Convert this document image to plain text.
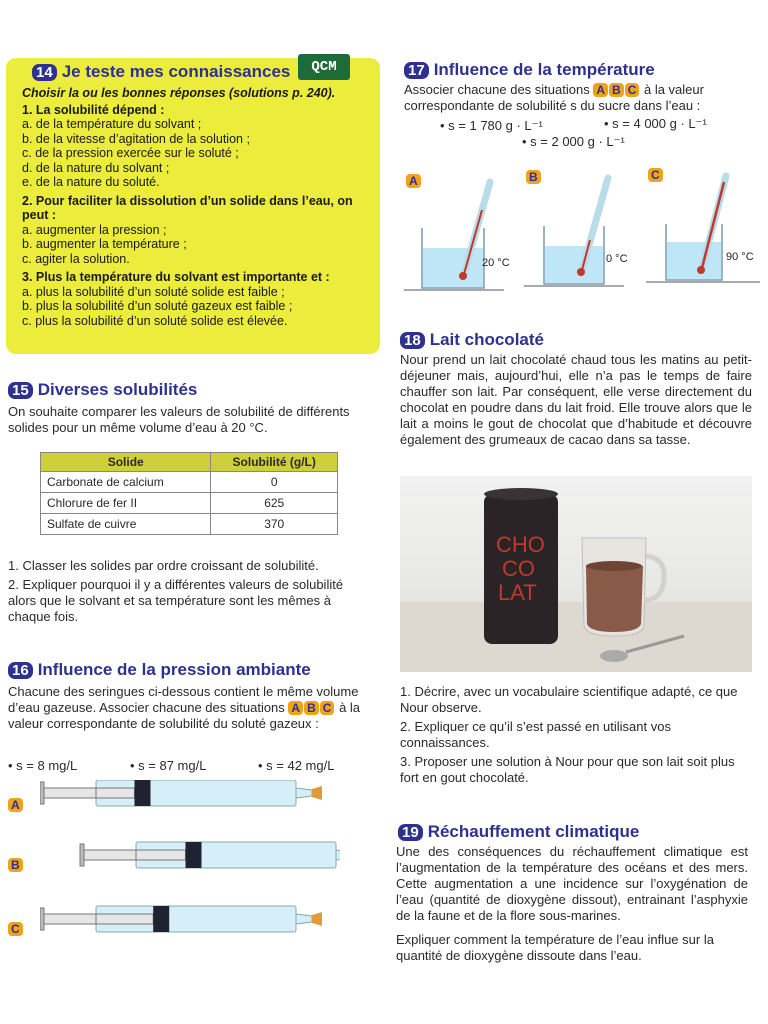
14 Je teste mes connaissances	QCM

Choisir la ou les bonnes réponses (solutions p. 240).

1. La solubilité dépend :

a. de la température du solvant ;

b. de la vitesse d’agitation de la solution ;

c. de la pression exercée sur le soluté ;

d. de la nature du solvant ;

e. de la nature du soluté.

2. Pour faciliter la dissolution d’un solide dans l’eau, on peut :

a. augmenter la pression ;

b. augmenter la température ;

c. agiter la solution.

3. Plus la température du solvant est importante et :

a. plus la solubilité d’un soluté solide est faible ;

b. plus la solubilité d’un soluté gazeux est faible ;

c. plus la solubilité d’un soluté solide est élevée.

15 Diverses solubilités

On souhaite comparer les valeurs de solubilité de différents solides pour un même volume d’eau à 20 °C.

Solide	Solubilité (g/L)
Carbonate de calcium	0
Chlorure de fer II	625
Sulfate de cuivre	370

1. Classer les solides par ordre croissant de solubilité.

2. Expliquer pourquoi il y a différentes valeurs de solubilité alors que le solvant et sa température sont les mêmes à chaque fois.

16 Influence de la pression ambiante
Chacune des seringues ci-dessous contient le même volume d’eau gazeuse. Associer chacune des situations A B C à la valeur correspondante de solubilité du soluté gazeux :
• s = 8 mg/L	• s = 87 mg/L	• s = 42 mg/L
A
B
C
17 Influence de la température
Associer chacune des situations A B C à la valeur correspondante de solubilité s du sucre dans l’eau :
• s = 1 780 g · L⁻¹	• s = 4 000 g · L⁻¹
• s = 2 000 g · L⁻¹
A	B	C
20 °C	0 °C	90 °C
18 Lait chocolaté

Nour prend un lait chocolaté chaud tous les matins au petit-déjeuner mais, aujourd’hui, elle n’a pas le temps de faire chauffer son lait. Par conséquent, elle verse directement du chocolat en poudre dans du lait froid. Elle trouve alors que le lait a moins le gout de chocolat que d’habitude et découvre également des grumeaux de cacao dans sa tasse.

CHO
CO
LAT

1. Décrire, avec un vocabulaire scientifique adapté, ce que Nour observe.

2. Expliquer ce qu’il s’est passé en utilisant vos connaissances.

3. Proposer une solution à Nour pour que son lait soit plus fort en gout chocolaté.

19 Réchauffement climatique

Une des conséquences du réchauffement climatique est l’augmentation de la température des océans et des mers. Cette augmentation a une incidence sur l’oxygénation de l’eau (quantité de dioxygène dissout), entrainant l’asphyxie de la faune et de la flore sous-marines.

Expliquer comment la température de l’eau influe sur la quantité de dioxygène dissoute dans l’eau.
